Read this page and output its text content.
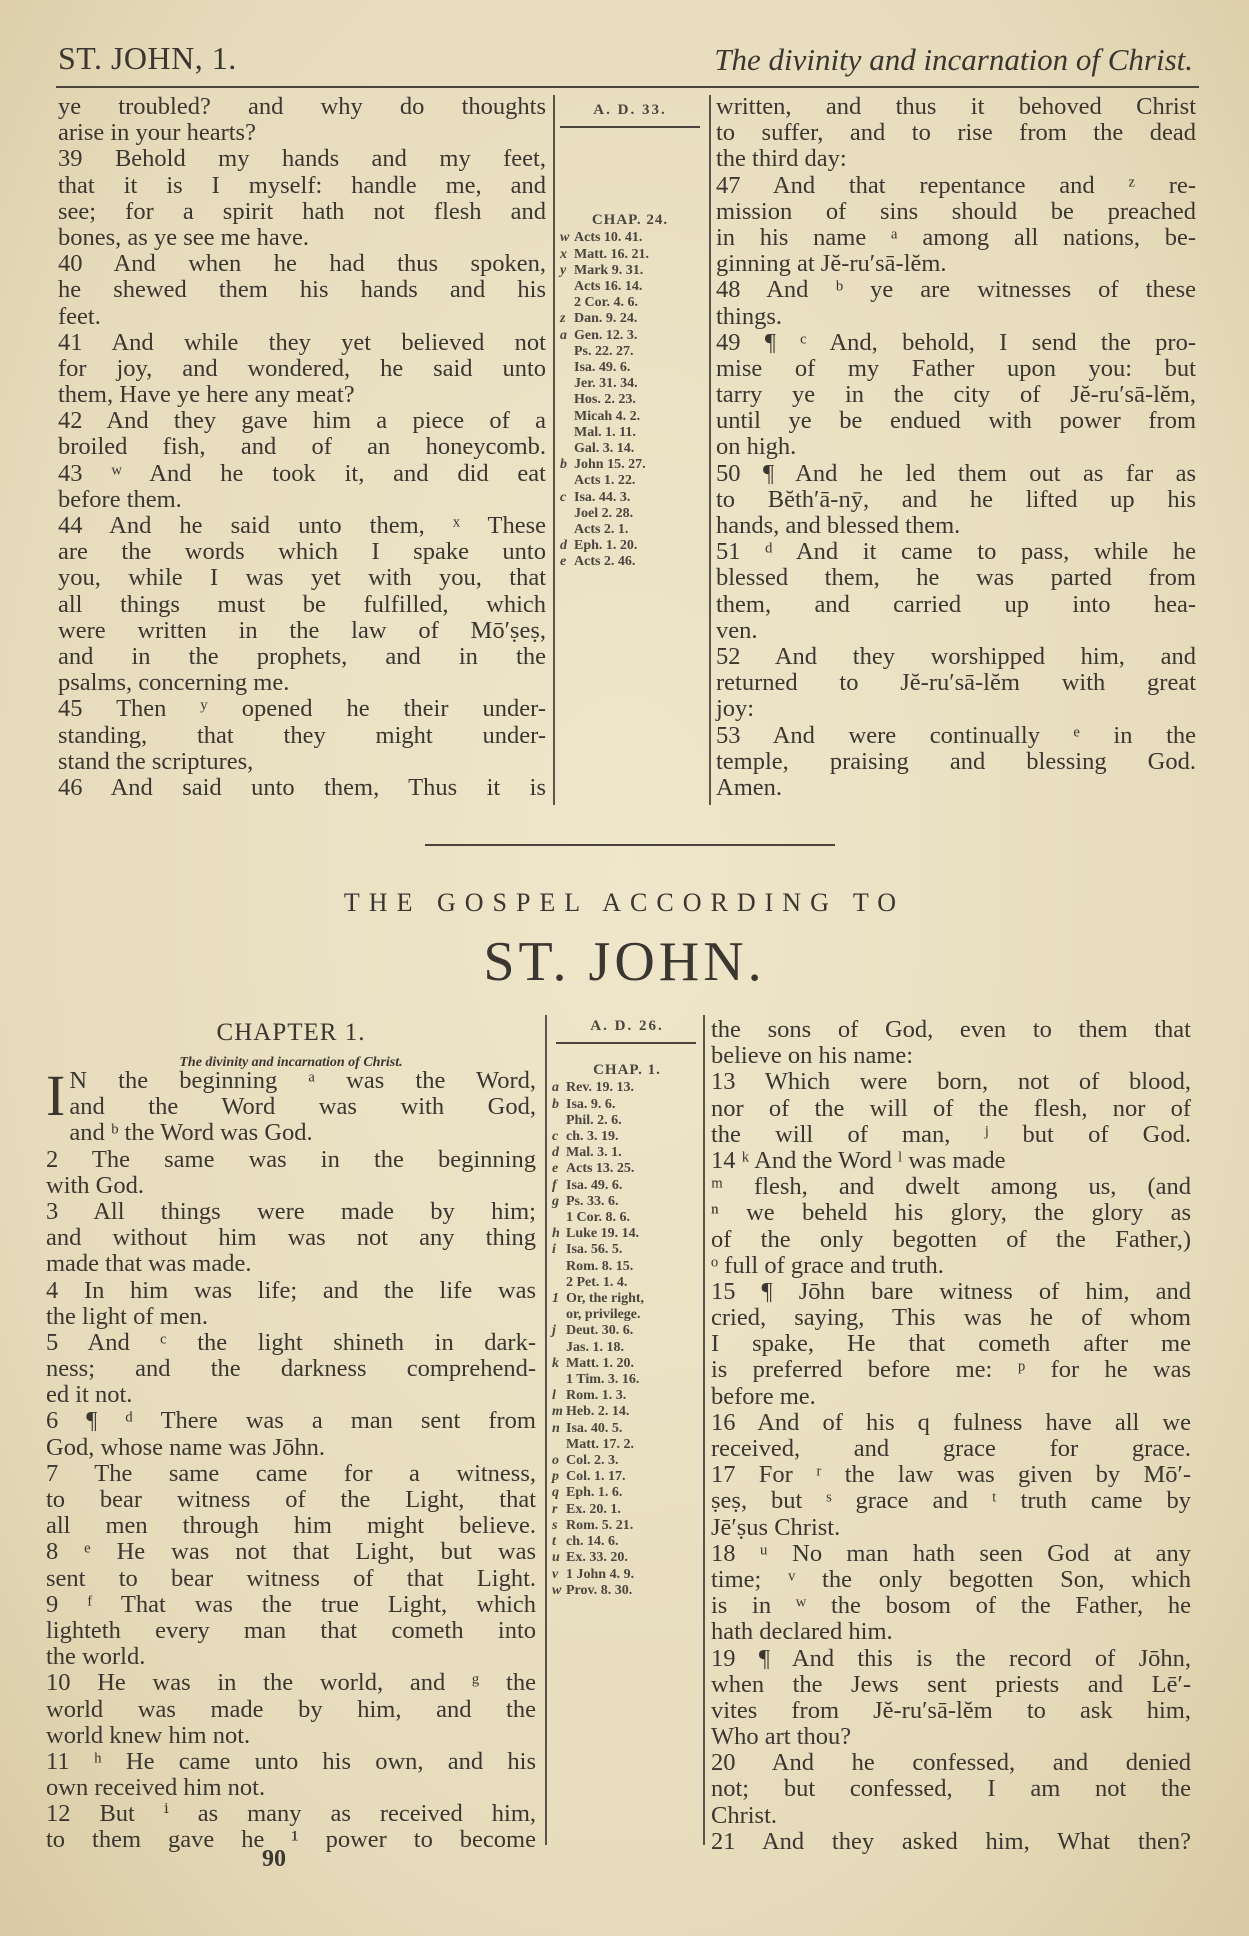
ST. JOHN, 1.	The divinity and incarnation of Christ.
ye troubled? and why do thoughts
arise in your hearts?
39 Behold my hands and my feet,
that it is I myself: handle me, and
see; for a spirit hath not flesh and
bones, as ye see me have.
40 And when he had thus spoken,
he shewed them his hands and his
feet.
41 And while they yet believed not
for joy, and wondered, he said unto
them, Have ye here any meat?
42 And they gave him a piece of a
broiled fish, and of an honeycomb.
43 ʷ And he took it, and did eat
before them.
44 And he said unto them, ˣ These
are the words which I spake unto
you, while I was yet with you, that
all things must be fulfilled, which
were written in the law of Mō′ṣeṣ,
and in the prophets, and in the
psalms, concerning me.
45 Then ʸ opened he their under-
standing, that they might under-
stand the scriptures,
46 And said unto them, Thus it is
A. D. 33.
CHAP. 24.
w Acts 10. 41.
x Matt. 16. 21.
y Mark 9. 31.
Acts 16. 14.
2 Cor. 4. 6.
z Dan. 9. 24.
a Gen. 12. 3.
Ps. 22. 27.
Isa. 49. 6.
Jer. 31. 34.
Hos. 2. 23.
Micah 4. 2.
Mal. 1. 11.
Gal. 3. 14.
b John 15. 27.
Acts 1. 22.
c Isa. 44. 3.
Joel 2. 28.
Acts 2. 1.
d Eph. 1. 20.
e Acts 2. 46.
written, and thus it behoved Christ
to suffer, and to rise from the dead
the third day:
47 And that repentance and ᶻ re-
mission of sins should be preached
in his name ᵃ among all nations, be-
ginning at Jĕ-ru′sā-lĕm.
48 And ᵇ ye are witnesses of these
things.
49 ¶ ᶜ And, behold, I send the pro-
mise of my Father upon you: but
tarry ye in the city of Jĕ-ru′sā-lĕm,
until ye be endued with power from
on high.
50 ¶ And he led them out as far as
to Bĕth′ā-nȳ, and he lifted up his
hands, and blessed them.
51 ᵈ And it came to pass, while he
blessed them, he was parted from
them, and carried up into hea-
ven.
52 And they worshipped him, and
returned to Jĕ-ru′sā-lĕm with great
joy:
53 And were continually ᵉ in the
temple, praising and blessing God.
Amen.
THE GOSPEL ACCORDING TO
ST. JOHN.
CHAPTER 1.
The divinity and incarnation of Christ.
I N the beginning ᵃ was the Word,
and the Word was with God,
and ᵇ the Word was God.
2 The same was in the beginning
with God.
3 All things were made by him;
and without him was not any thing
made that was made.
4 In him was life; and the life was
the light of men.
5 And ᶜ the light shineth in dark-
ness; and the darkness comprehend-
ed it not.
6 ¶ ᵈ There was a man sent from
God, whose name was Jōhn.
7 The same came for a witness,
to bear witness of the Light, that
all men through him might believe.
8 ᵉ He was not that Light, but was
sent to bear witness of that Light.
9 ᶠ That was the true Light, which
lighteth every man that cometh into
the world.
10 He was in the world, and ᵍ the
world was made by him, and the
world knew him not.
11 ʰ He came unto his own, and his
own received him not.
12 But ⁱ as many as received him,
to them gave he ¹ power to become
A. D. 26.
CHAP. 1.
a Rev. 19. 13.
b Isa. 9. 6.
Phil. 2. 6.
c ch. 3. 19.
d Mal. 3. 1.
e Acts 13. 25.
f Isa. 49. 6.
g Ps. 33. 6.
1 Cor. 8. 6.
h Luke 19. 14.
i Isa. 56. 5.
Rom. 8. 15.
2 Pet. 1. 4.
1 Or, the right,
or, privilege.
j Deut. 30. 6.
Jas. 1. 18.
k Matt. 1. 20.
1 Tim. 3. 16.
l Rom. 1. 3.
m Heb. 2. 14.
n Isa. 40. 5.
Matt. 17. 2.
o Col. 2. 3.
p Col. 1. 17.
q Eph. 1. 6.
r Ex. 20. 1.
s Rom. 5. 21.
t ch. 14. 6.
u Ex. 33. 20.
v 1 John 4. 9.
w Prov. 8. 30.
the sons of God, even to them that
believe on his name:
13 Which were born, not of blood,
nor of the will of the flesh, nor of
the will of man, ʲ but of God.
14 ᵏ And the Word ˡ was made
ᵐ flesh, and dwelt among us, (and
ⁿ we beheld his glory, the glory as
of the only begotten of the Father,)
ᵒ full of grace and truth.
15 ¶ Jōhn bare witness of him, and
cried, saying, This was he of whom
I spake, He that cometh after me
is preferred before me: ᵖ for he was
before me.
16 And of his q fulness have all we
received, and grace for grace.
17 For ʳ the law was given by Mō′-
ṣeṣ, but ˢ grace and ᵗ truth came by
Jē′ṣus Christ.
18 ᵘ No man hath seen God at any
time; ᵛ the only begotten Son, which
is in ʷ the bosom of the Father, he
hath declared him.
19 ¶ And this is the record of Jōhn,
when the Jews sent priests and Lē′-
vites from Jĕ-ru′sā-lĕm to ask him,
Who art thou?
20 And he confessed, and denied
not; but confessed, I am not the
Christ.
21 And they asked him, What then?
90
